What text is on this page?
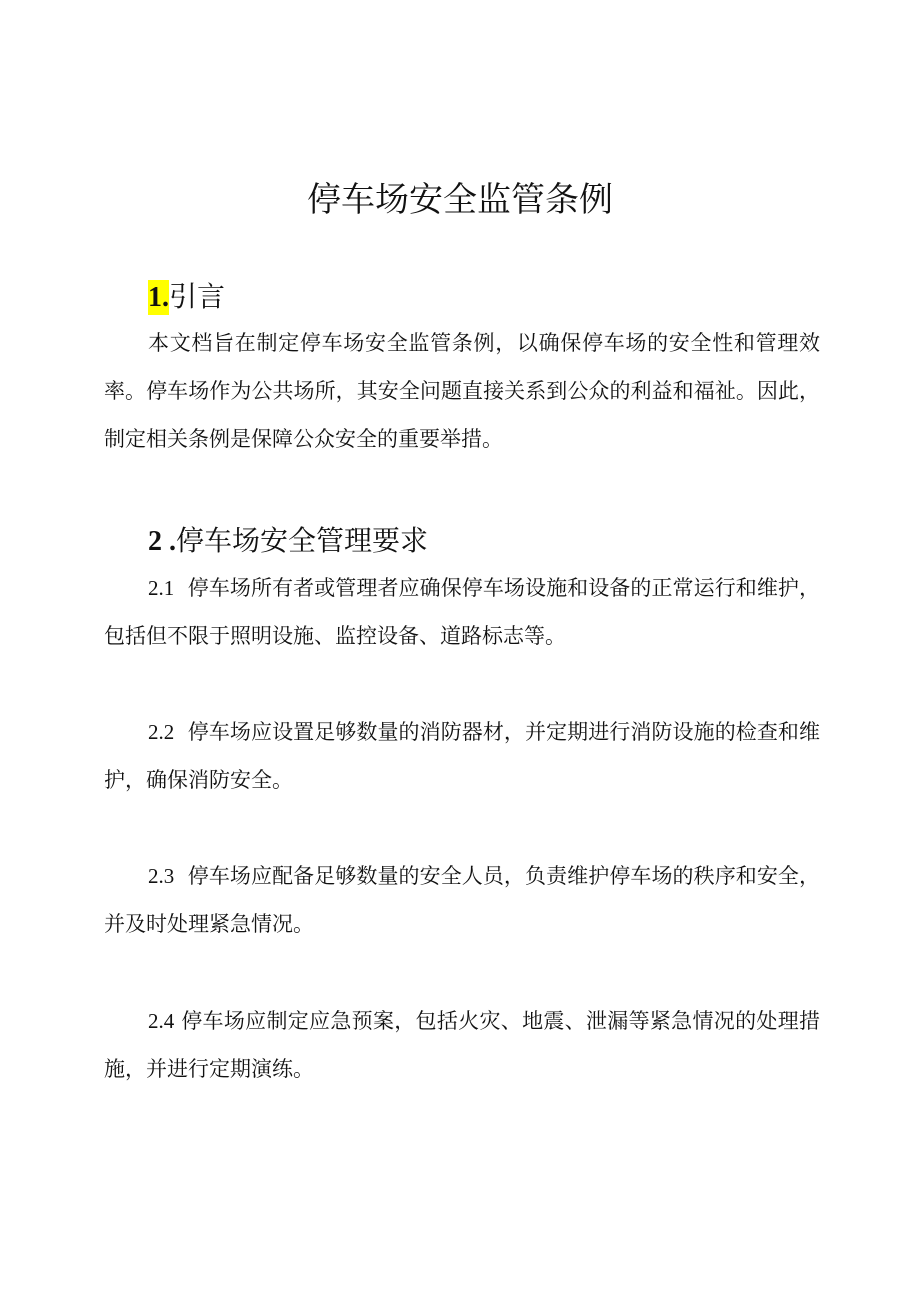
停车场安全监管条例
1.引言

本文档旨在制定停车场安全监管条例，以确保停车场的安全性和管理效率。停车场作为公共场所，其安全问题直接关系到公众的利益和福祉。因此，制定相关条例是保障公众安全的重要举措。

2 .停车场安全管理要求

2.1 停车场所有者或管理者应确保停车场设施和设备的正常运行和维护，包括但不限于照明设施、监控设备、道路标志等。

2.2 停车场应设置足够数量的消防器材，并定期进行消防设施的检查和维护，确保消防安全。

2.3 停车场应配备足够数量的安全人员，负责维护停车场的秩序和安全，并及时处理紧急情况。

2.4 停车场应制定应急预案，包括火灾、地震、泄漏等紧急情况的处理措施，并进行定期演练。
